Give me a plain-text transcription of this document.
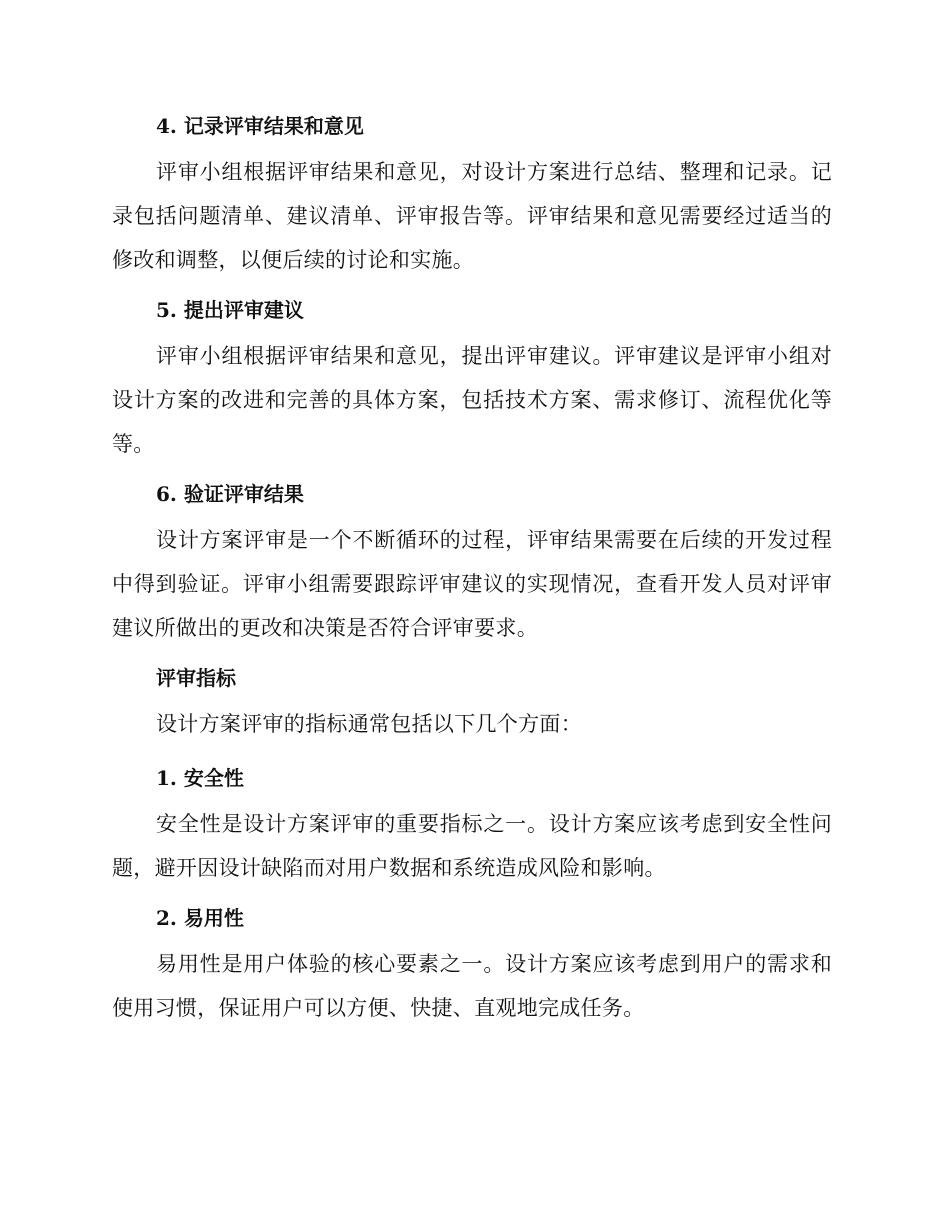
4. 记录评审结果和意见

评审小组根据评审结果和意见，对设计方案进行总结、整理和记录。记录包括问题清单、建议清单、评审报告等。评审结果和意见需要经过适当的修改和调整，以便后续的讨论和实施。

5. 提出评审建议

评审小组根据评审结果和意见，提出评审建议。评审建议是评审小组对设计方案的改进和完善的具体方案，包括技术方案、需求修订、流程优化等等。

6. 验证评审结果

设计方案评审是一个不断循环的过程，评审结果需要在后续的开发过程中得到验证。评审小组需要跟踪评审建议的实现情况，查看开发人员对评审建议所做出的更改和决策是否符合评审要求。

评审指标

设计方案评审的指标通常包括以下几个方面：

1. 安全性

安全性是设计方案评审的重要指标之一。设计方案应该考虑到安全性问题，避开因设计缺陷而对用户数据和系统造成风险和影响。

2. 易用性

易用性是用户体验的核心要素之一。设计方案应该考虑到用户的需求和使用习惯，保证用户可以方便、快捷、直观地完成任务。
